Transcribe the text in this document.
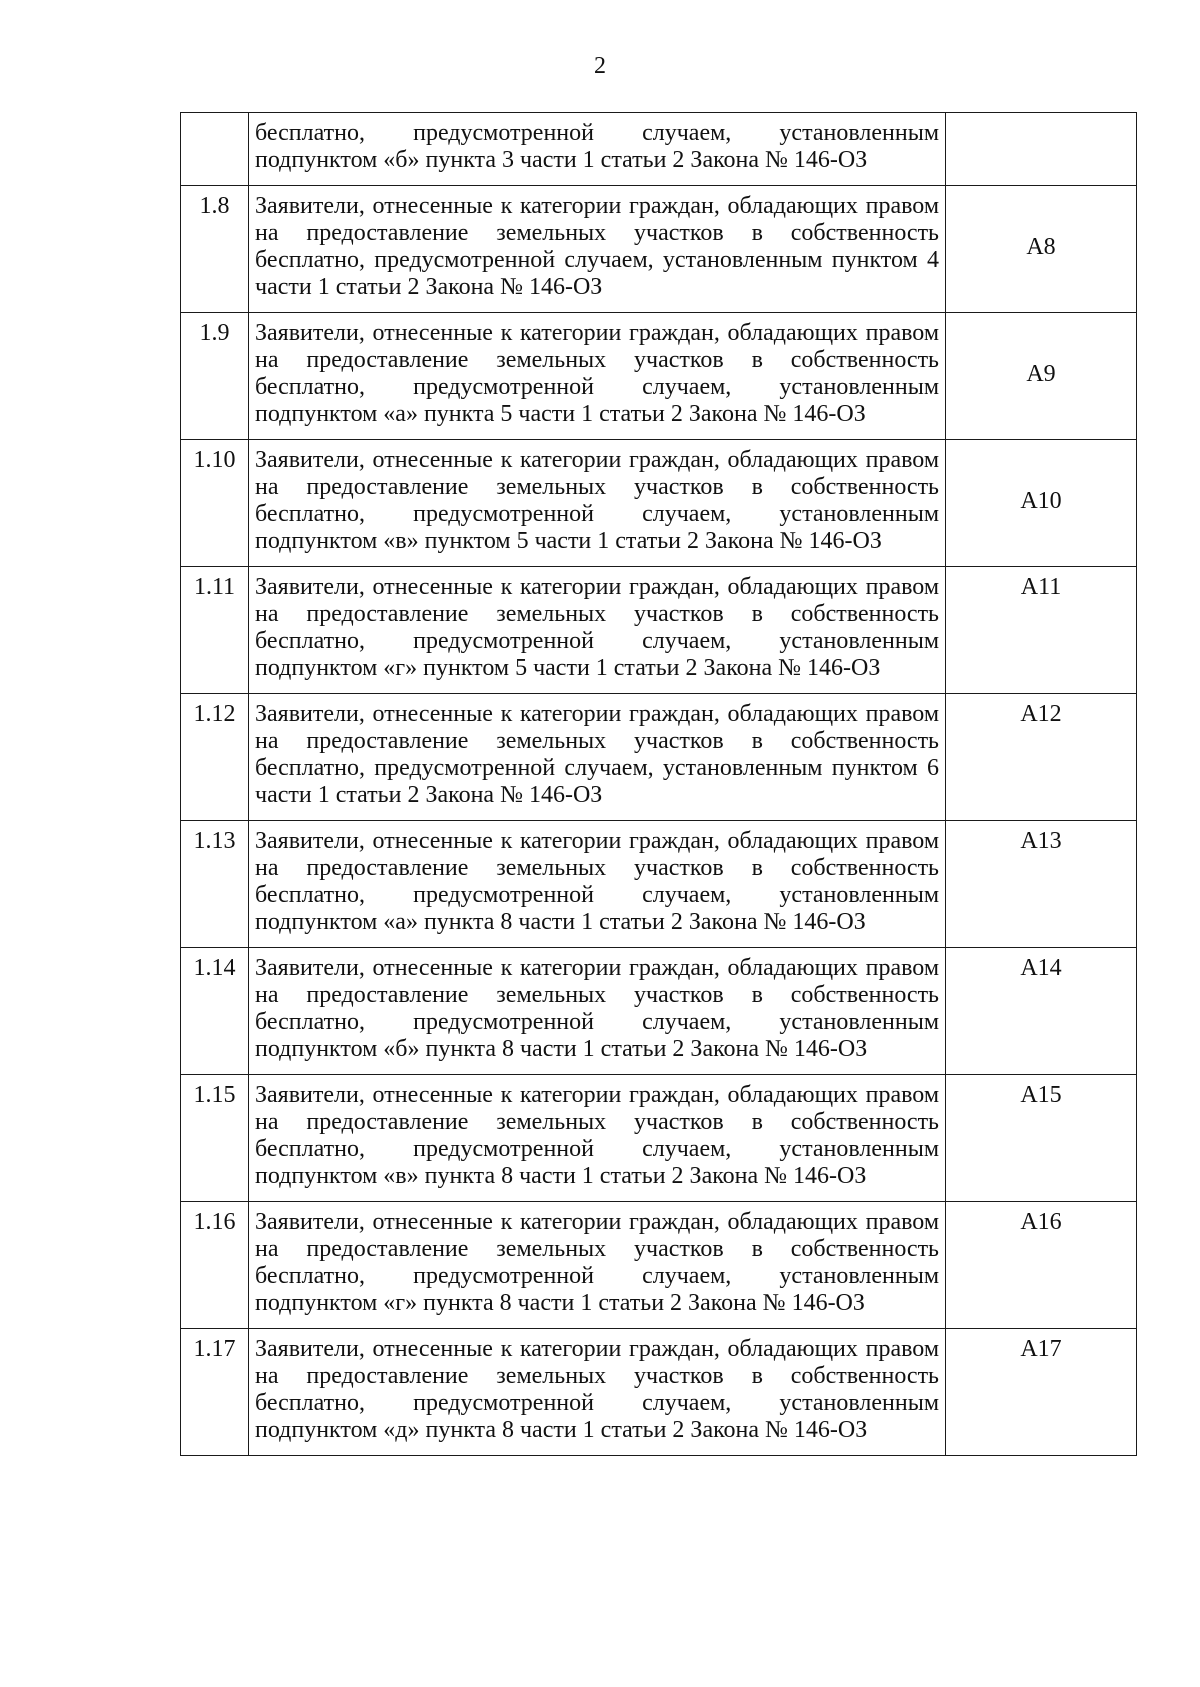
2
	бесплатно, предусмотренной случаем, установленным подпунктом «б» пункта 3 части 1 статьи 2 Закона № 146-ОЗ	
1.8	Заявители, отнесенные к категории граждан, обладающих правом на предоставление земельных участков в собственность бесплатно, предусмотренной случаем, установленным пунктом 4 части 1 статьи 2 Закона № 146-ОЗ	А8
1.9	Заявители, отнесенные к категории граждан, обладающих правом на предоставление земельных участков в собственность бесплатно, предусмотренной случаем, установленным подпунктом «а» пункта 5 части 1 статьи 2 Закона № 146-ОЗ	А9
1.10	Заявители, отнесенные к категории граждан, обладающих правом на предоставление земельных участков в собственность бесплатно, предусмотренной случаем, установленным подпунктом «в» пунктом 5 части 1 статьи 2 Закона № 146-ОЗ	А10
1.11	Заявители, отнесенные к категории граждан, обладающих правом на предоставление земельных участков в собственность бесплатно, предусмотренной случаем, установленным подпунктом «г» пунктом 5 части 1 статьи 2 Закона № 146-ОЗ	А11
1.12	Заявители, отнесенные к категории граждан, обладающих правом на предоставление земельных участков в собственность бесплатно, предусмотренной случаем, установленным пунктом 6 части 1 статьи 2 Закона № 146-ОЗ	А12
1.13	Заявители, отнесенные к категории граждан, обладающих правом на предоставление земельных участков в собственность бесплатно, предусмотренной случаем, установленным подпунктом «а» пункта 8 части 1 статьи 2 Закона № 146-ОЗ	А13
1.14	Заявители, отнесенные к категории граждан, обладающих правом на предоставление земельных участков в собственность бесплатно, предусмотренной случаем, установленным подпунктом «б» пункта 8 части 1 статьи 2 Закона № 146-ОЗ	А14
1.15	Заявители, отнесенные к категории граждан, обладающих правом на предоставление земельных участков в собственность бесплатно, предусмотренной случаем, установленным подпунктом «в» пункта 8 части 1 статьи 2 Закона № 146-ОЗ	А15
1.16	Заявители, отнесенные к категории граждан, обладающих правом на предоставление земельных участков в собственность бесплатно, предусмотренной случаем, установленным подпунктом «г» пункта 8 части 1 статьи 2 Закона № 146-ОЗ	А16
1.17	Заявители, отнесенные к категории граждан, обладающих правом на предоставление земельных участков в собственность бесплатно, предусмотренной случаем, установленным подпунктом «д» пункта 8 части 1 статьи 2 Закона № 146-ОЗ	А17
